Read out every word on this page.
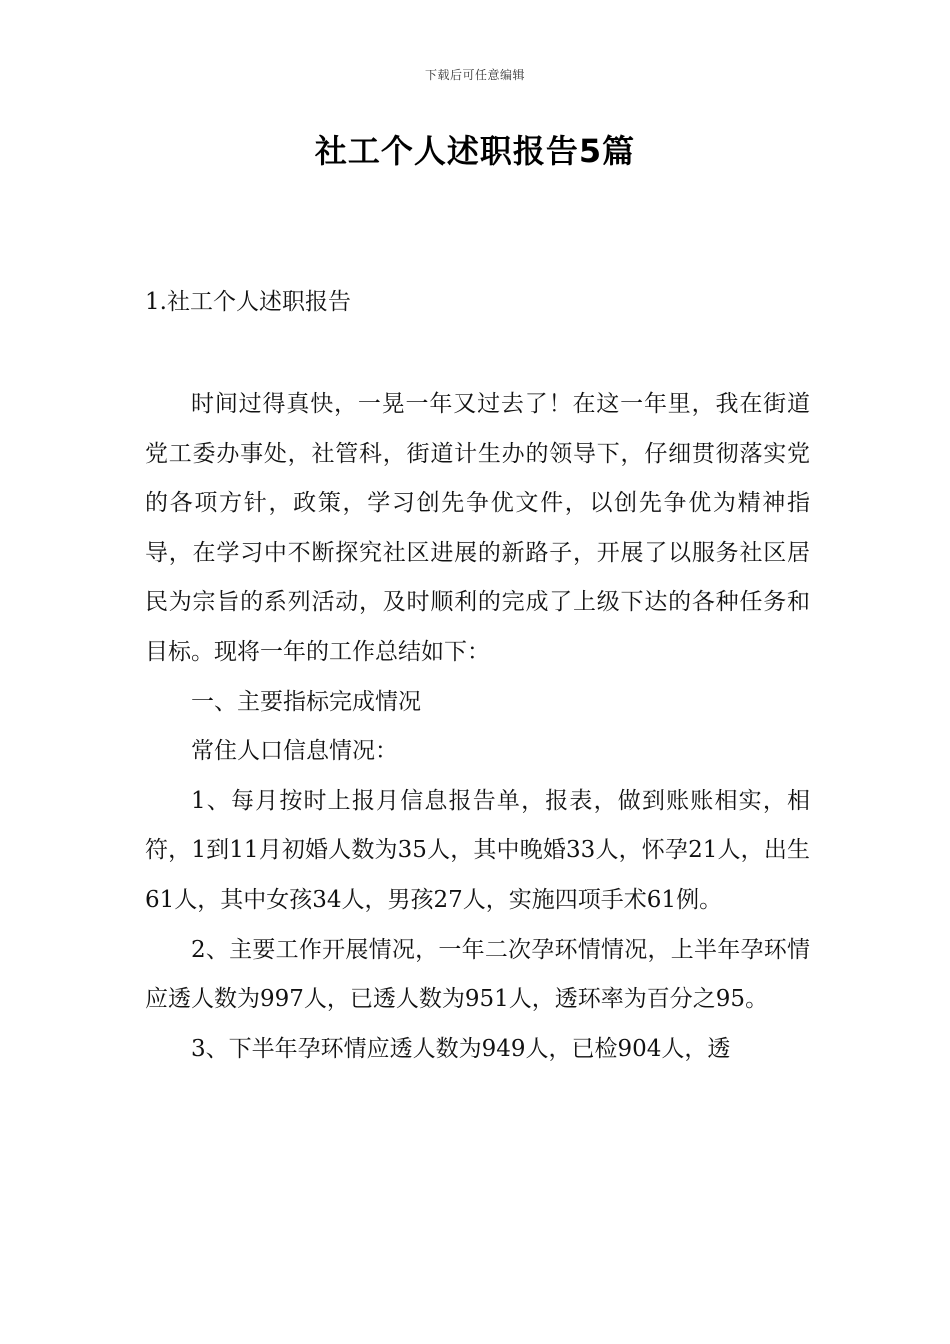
下载后可任意编辑
社工个人述职报告5篇
1.社工个人述职报告

时间过得真快，一晃一年又过去了！在这一年里，我在街道党工委办事处，社管科，街道计生办的领导下，仔细贯彻落实党的各项方针，政策，学习创先争优文件，以创先争优为精神指导，在学习中不断探究社区进展的新路子，开展了以服务社区居民为宗旨的系列活动，及时顺利的完成了上级下达的各种任务和目标。现将一年的工作总结如下：

一、主要指标完成情况

常住人口信息情况：

1、每月按时上报月信息报告单，报表，做到账账相实，相符，1到11月初婚人数为35人，其中晚婚33人，怀孕21人，出生61人，其中女孩34人，男孩27人，实施四项手术61例。

2、主要工作开展情况，一年二次孕环情情况，上半年孕环情应透人数为997人，已透人数为951人，透环率为百分之95。

3、下半年孕环情应透人数为949人，已检904人，透
